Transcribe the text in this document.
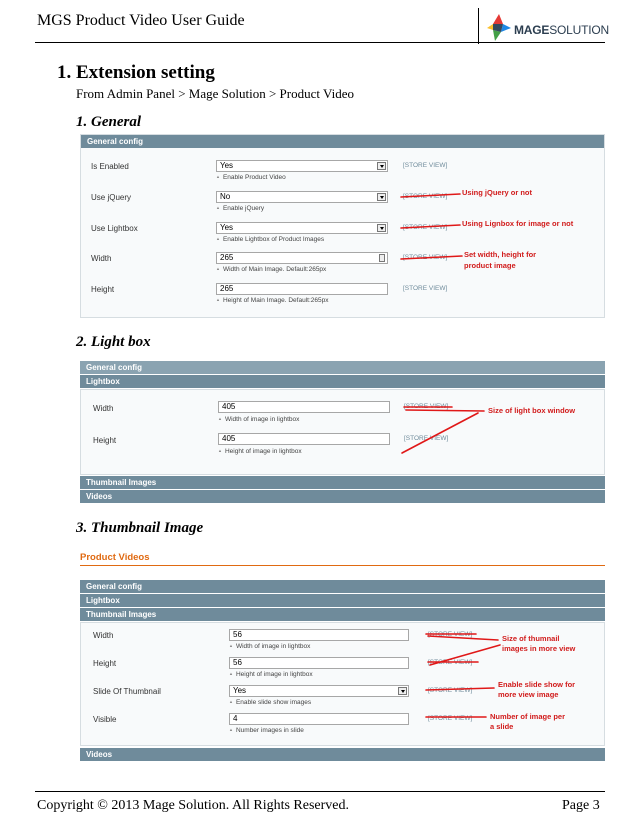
MGS Product Video User Guide
MAGESOLUTION
1. Extension setting
From Admin Panel > Mage Solution > Product Video
1. General
General config
Is Enabled	Yes
▲ Enable Product Video
[STORE VIEW]
Use jQuery	No
▲ Enable jQuery
[STORE VIEW]
Use Lightbox	Yes
▲ Enable Lightbox of Product Images
[STORE VIEW]
Width	265
▲ Width of Main Image. Default:265px
[STORE VIEW]
Height	265
▲ Height of Main Image. Default:265px
[STORE VIEW]
Using jQuery or not
Using Lignbox for image or not
Set width, height for
product image
2. Light box
General config
Lightbox
Width	405
▲ Width of image in lightbox
[STORE VIEW]
Height	405
▲ Height of image in lightbox
[STORE VIEW]
Thumbnail Images
Videos
Size of light box window
3. Thumbnail Image
Product Videos
General config
Lightbox
Thumbnail Images
Width	56
▲ Width of image in lightbox
[STORE VIEW]
Height	56
▲ Height of image in lightbox
[STORE VIEW]
Slide Of Thumbnail	Yes
▲ Enable slide show images
[STORE VIEW]
Visible	4
▲ Number images in slide
[STORE VIEW]
Videos
Size of thumnail
images in more view
Enable slide show for
more view image
Number of image per
a slide
Copyright © 2013 Mage Solution. All Rights Reserved.	Page 3
